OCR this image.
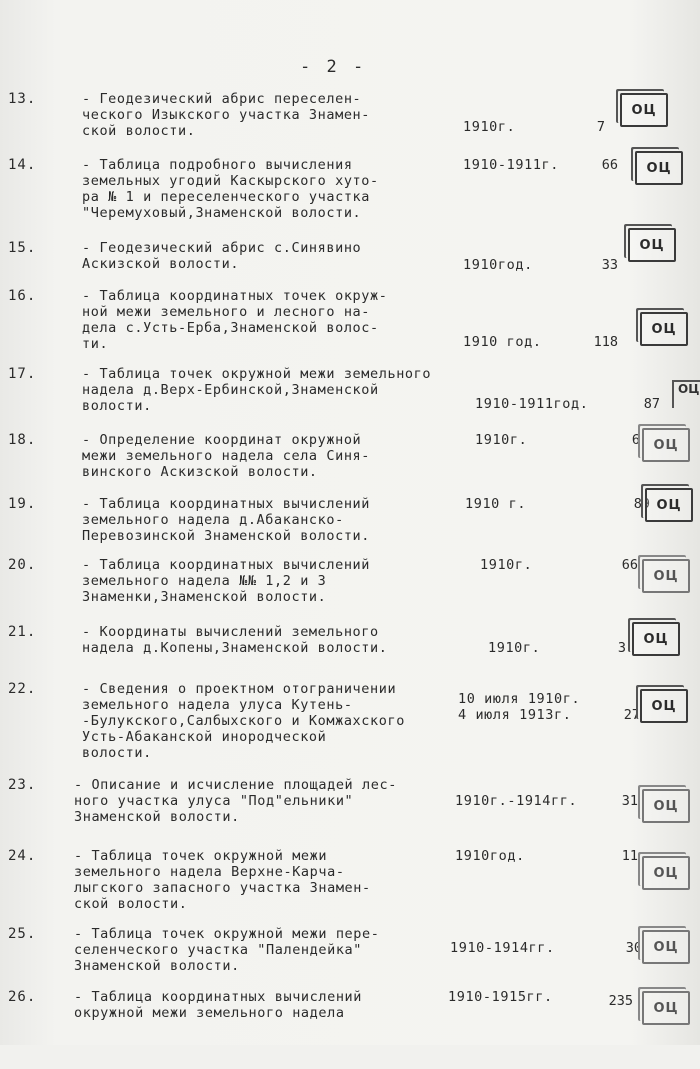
- 2 -
13.	- Геодезический абрис переселен-
ческого Изыкского участка Знамен-
ской волости.	1910г.	7
ОЦ
14.	- Таблица подробного вычисления
земельных угодий Каскырского хуто-
ра № 1 и переселенческого участка
"Черемуховый,Знаменской волости.
1910-1911г.	66	ОЦ
15.	- Геодезический абрис с.Синявино
Аскизской волости.	1910год.	33
ОЦ
16.	- Таблица координатных точек окруж-
ной межи земельного и лесного на-
дела с.Усть-Ерба,Знаменской волос-
ти.	1910 год.	118
ОЦ
17.	- Таблица точек окружной межи земельного
надела д.Верх-Ербинской,Знаменской
волости.	1910-1911год.	87
ОЦ
18.	- Определение координат окружной
межи земельного надела села Синя-
винского Аскизской волости.
1910г.	6	ОЦ
19.	- Таблица координатных вычислений
земельного надела д.Абаканско-
Перевозинской Знаменской волости.
1910 г.	89 ОЦ
20.	- Таблица координатных вычислений
земельного надела №№ 1,2 и 3
Знаменки,Знаменской волости.
1910г.	66
ОЦ
21.	- Координаты вычислений земельного
надела д.Копены,Знаменской волости.	1910г.	3
ОЦ
22.	- Сведения о проектном отограничении
земельного надела улуса Кутень-
-Булукского,Салбыхского и Комжахского
Усть-Абаканской инородческой
волости.
10 июля 1910г.
4 июля 1913г.	27
ОЦ
23.	- Описание и исчисление площадей лес-
ного участка улуса "Под"ельники"
Знаменской волости.
1910г.-1914гг.	31	ОЦ
24.	- Таблица точек окружной межи
земельного надела Верхне-Карча-
лыгского запасного участка Знамен-
ской волости.
1910год.	11
ОЦ
25.	- Таблица точек окружной межи пере-
селенческого участка "Палендейка"
Знаменской волости.
1910-1914гг.	30 ОЦ
26.	- Таблица координатных вычислений
окружной межи земельного надела
1910-1915гг.	235	ОЦ
